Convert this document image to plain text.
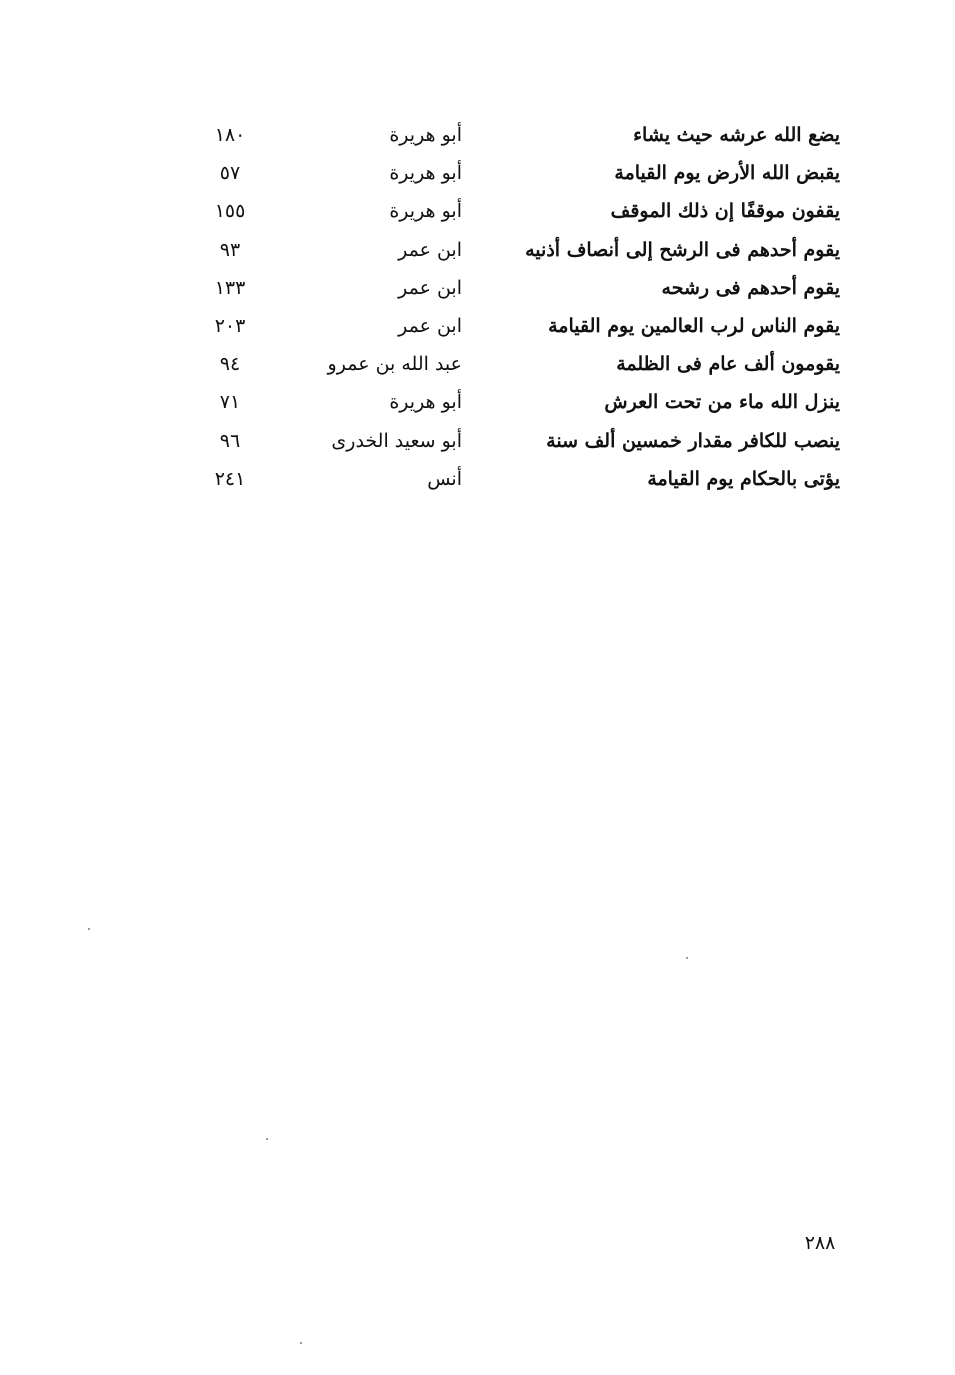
يضع الله عرشه حيث يشاء
أبو هريرة
١٨٠
يقبض الله الأرض يوم القيامة
أبو هريرة
٥٧
يقفون موقفًا إن ذلك الموقف
أبو هريرة
١٥٥
يقوم أحدهم فى الرشح إلى أنصاف أذنيه
ابن عمر
٩٣
يقوم أحدهم فى رشحه
ابن عمر
١٣٣
يقوم الناس لرب العالمين يوم القيامة
ابن عمر
٢٠٣
يقومون ألف عام فى الظلمة
عبد الله بن عمرو
٩٤
ينزل الله ماء من تحت العرش
أبو هريرة
٧١
ينصب للكافر مقدار خمسين ألف سنة
أبو سعيد الخدرى
٩٦
يؤتى بالحكام يوم القيامة
أنس
٢٤١
٢٨٨
